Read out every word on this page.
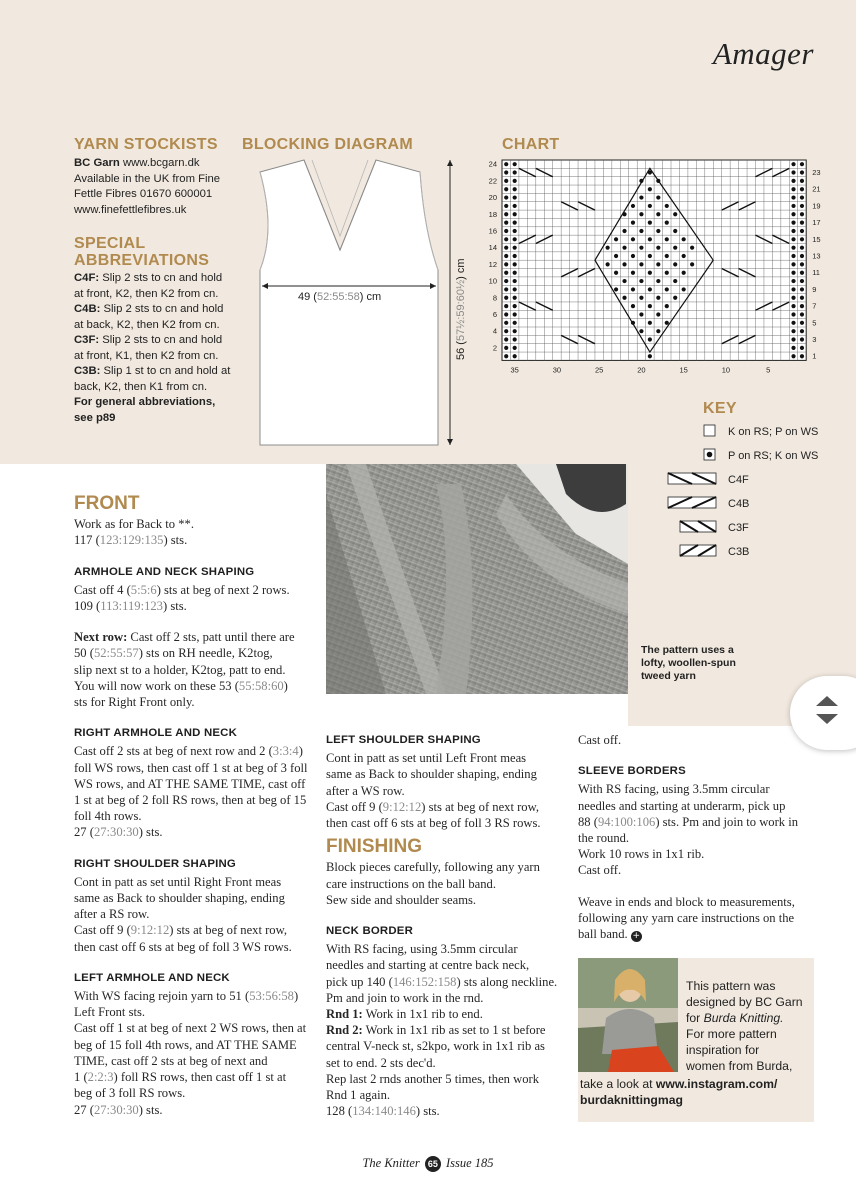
Amager
YARN STOCKISTS
BC Garn www.bcgarn.dk
Available in the UK from Fine
Fettle Fibres 01670 600001
www.finefettlefibres.uk
SPECIAL
ABBREVIATIONS
C4F: Slip 2 sts to cn and hold
at front, K2, then K2 from cn.
C4B: Slip 2 sts to cn and hold
at back, K2, then K2 from cn.
C3F: Slip 2 sts to cn and hold
at front, K1, then K2 from cn.
C3B: Slip 1 st to cn and hold at
back, K2, then K1 from cn.
For general abbreviations,
see p89
BLOCKING DIAGRAM
49 (52:55:58) cm
56 (57½:59:60½) cm
CHART
24
22
20
18
16
14
12
10
8
6
4
2
23
21
19
17
15
13
11
9
7
5
3
1
35	30	25	20	15	10	5
KEY
K on RS; P on WS
P on RS; K on WS
C4F
C4B
C3F
C3B
The pattern uses a
lofty, woollen-spun
tweed yarn
FRONT

Work as for Back to **.

117 (123:129:135) sts.

ARMHOLE AND NECK SHAPING

Cast off 4 (5:5:6) sts at beg of next 2 rows.

109 (113:119:123) sts.

Next row: Cast off 2 sts, patt until there are

50 (52:55:57) sts on RH needle, K2tog,

slip next st to a holder, K2tog, patt to end.

You will now work on these 53 (55:58:60)

sts for Right Front only.

RIGHT ARMHOLE AND NECK

Cast off 2 sts at beg of next row and 2 (3:3:4)

foll WS rows, then cast off 1 st at beg of 3 foll

WS rows, and AT THE SAME TIME, cast off

1 st at beg of 2 foll RS rows, then at beg of 15

foll 4th rows.

27 (27:30:30) sts.

RIGHT SHOULDER SHAPING

Cont in patt as set until Right Front meas

same as Back to shoulder shaping, ending

after a RS row.

Cast off 9 (9:12:12) sts at beg of next row,

then cast off 6 sts at beg of foll 3 WS rows.

LEFT ARMHOLE AND NECK

With WS facing rejoin yarn to 51 (53:56:58)

Left Front sts.

Cast off 1 st at beg of next 2 WS rows, then at

beg of 15 foll 4th rows, and AT THE SAME

TIME, cast off 2 sts at beg of next and

1 (2:2:3) foll RS rows, then cast off 1 st at

beg of 3 foll RS rows.

27 (27:30:30) sts.

LEFT SHOULDER SHAPING

Cont in patt as set until Left Front meas

same as Back to shoulder shaping, ending

after a WS row.

Cast off 9 (9:12:12) sts at beg of next row,

then cast off 6 sts at beg of foll 3 RS rows.

FINISHING

Block pieces carefully, following any yarn

care instructions on the ball band.

Sew side and shoulder seams.

NECK BORDER

With RS facing, using 3.5mm circular

needles and starting at centre back neck,

pick up 140 (146:152:158) sts along neckline.

Pm and join to work in the rnd.

Rnd 1: Work in 1x1 rib to end.

Rnd 2: Work in 1x1 rib as set to 1 st before

central V-neck st, s2kpo, work in 1x1 rib as

set to end. 2 sts dec'd.

Rep last 2 rnds another 5 times, then work

Rnd 1 again.

128 (134:140:146) sts.

Cast off.

SLEEVE BORDERS

With RS facing, using 3.5mm circular

needles and starting at underarm, pick up

88 (94:100:106) sts. Pm and join to work in

the round.

Work 10 rows in 1x1 rib.

Cast off.

Weave in ends and block to measurements,

following any yarn care instructions on the

ball band. +

This pattern was
designed by BC Garn
for Burda Knitting.
For more pattern
inspiration for
women from Burda,
take a look at www.instagram.com/
burdaknittingmag
The Knitter 65 Issue 185
